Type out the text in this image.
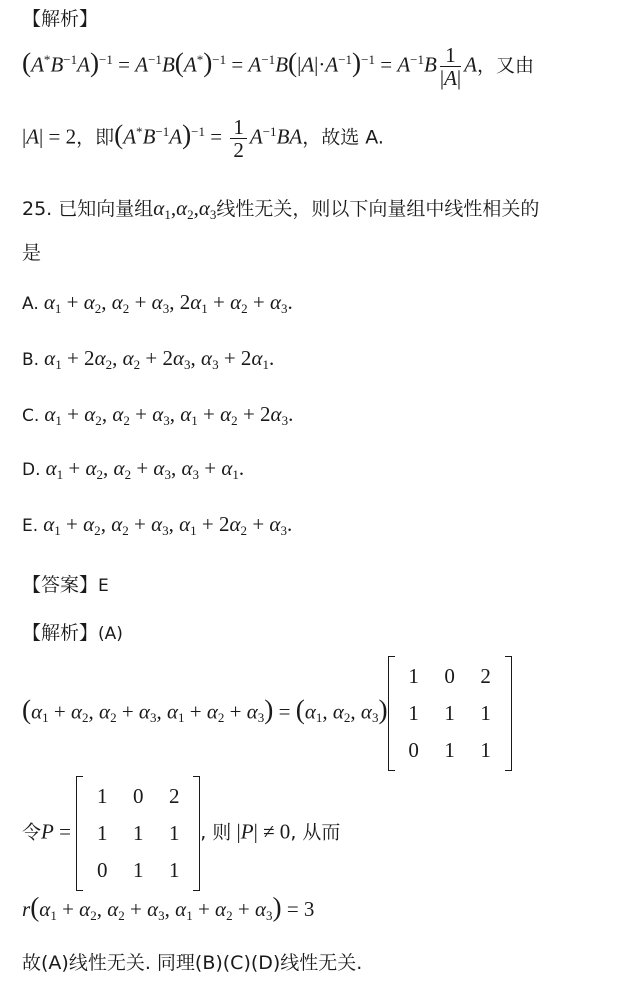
【解析】
$(A^*B^{-1}A)^{-1} = A^{-1}B(A^*)^{-1} = A^{-1}B(|A|\cdot A^{-1})^{-1} = A^{-1}B \frac{1}{|A|}$ A，又由
|A| = 2，即$(A^*B^{-1}A)^{-1} = \frac{1}{2} A^{-1}BA$，故选 A.
25. 已知向量组$\alpha_1,\alpha_2,\alpha_3$线性无关，则以下向量组中线性相关的
是
A. $\alpha_1 + \alpha_2$, $\alpha_2 + \alpha_3$, $2\alpha_1 + \alpha_2 + \alpha_3$.
B. $\alpha_1 + 2\alpha_2$, $\alpha_2 + 2\alpha_3$, $\alpha_3 + 2\alpha_1$.
C. $\alpha_1 + \alpha_2$, $\alpha_2 + \alpha_3$, $\alpha_1 + \alpha_2 + 2\alpha_3$.
D. $\alpha_1 + \alpha_2$, $\alpha_2 + \alpha_3$, $\alpha_3 + \alpha_1$.
E. $\alpha_1 + \alpha_2$, $\alpha_2 + \alpha_3$, $\alpha_1 + 2\alpha_2 + \alpha_3$.
【答案】E
【解析】(A)
($\alpha_1 + \alpha_2$, $\alpha_2 + \alpha_3$, $\alpha_1 + \alpha_2 + \alpha_3) = (\alpha_1$, $\alpha_2$, $\alpha_3$)
1	0	2
1	1	1
0	1	1
令P =
1	0	2
1	1	1
0	1	1
, 则 |P| ≠ 0, 从而
$r(\alpha_1 + \alpha_2$, $\alpha_2 + \alpha_3$, $\alpha_1 + \alpha_2 + \alpha_3) = 3$
故(A)线性无关. 同理(B)(C)(D)线性无关.
